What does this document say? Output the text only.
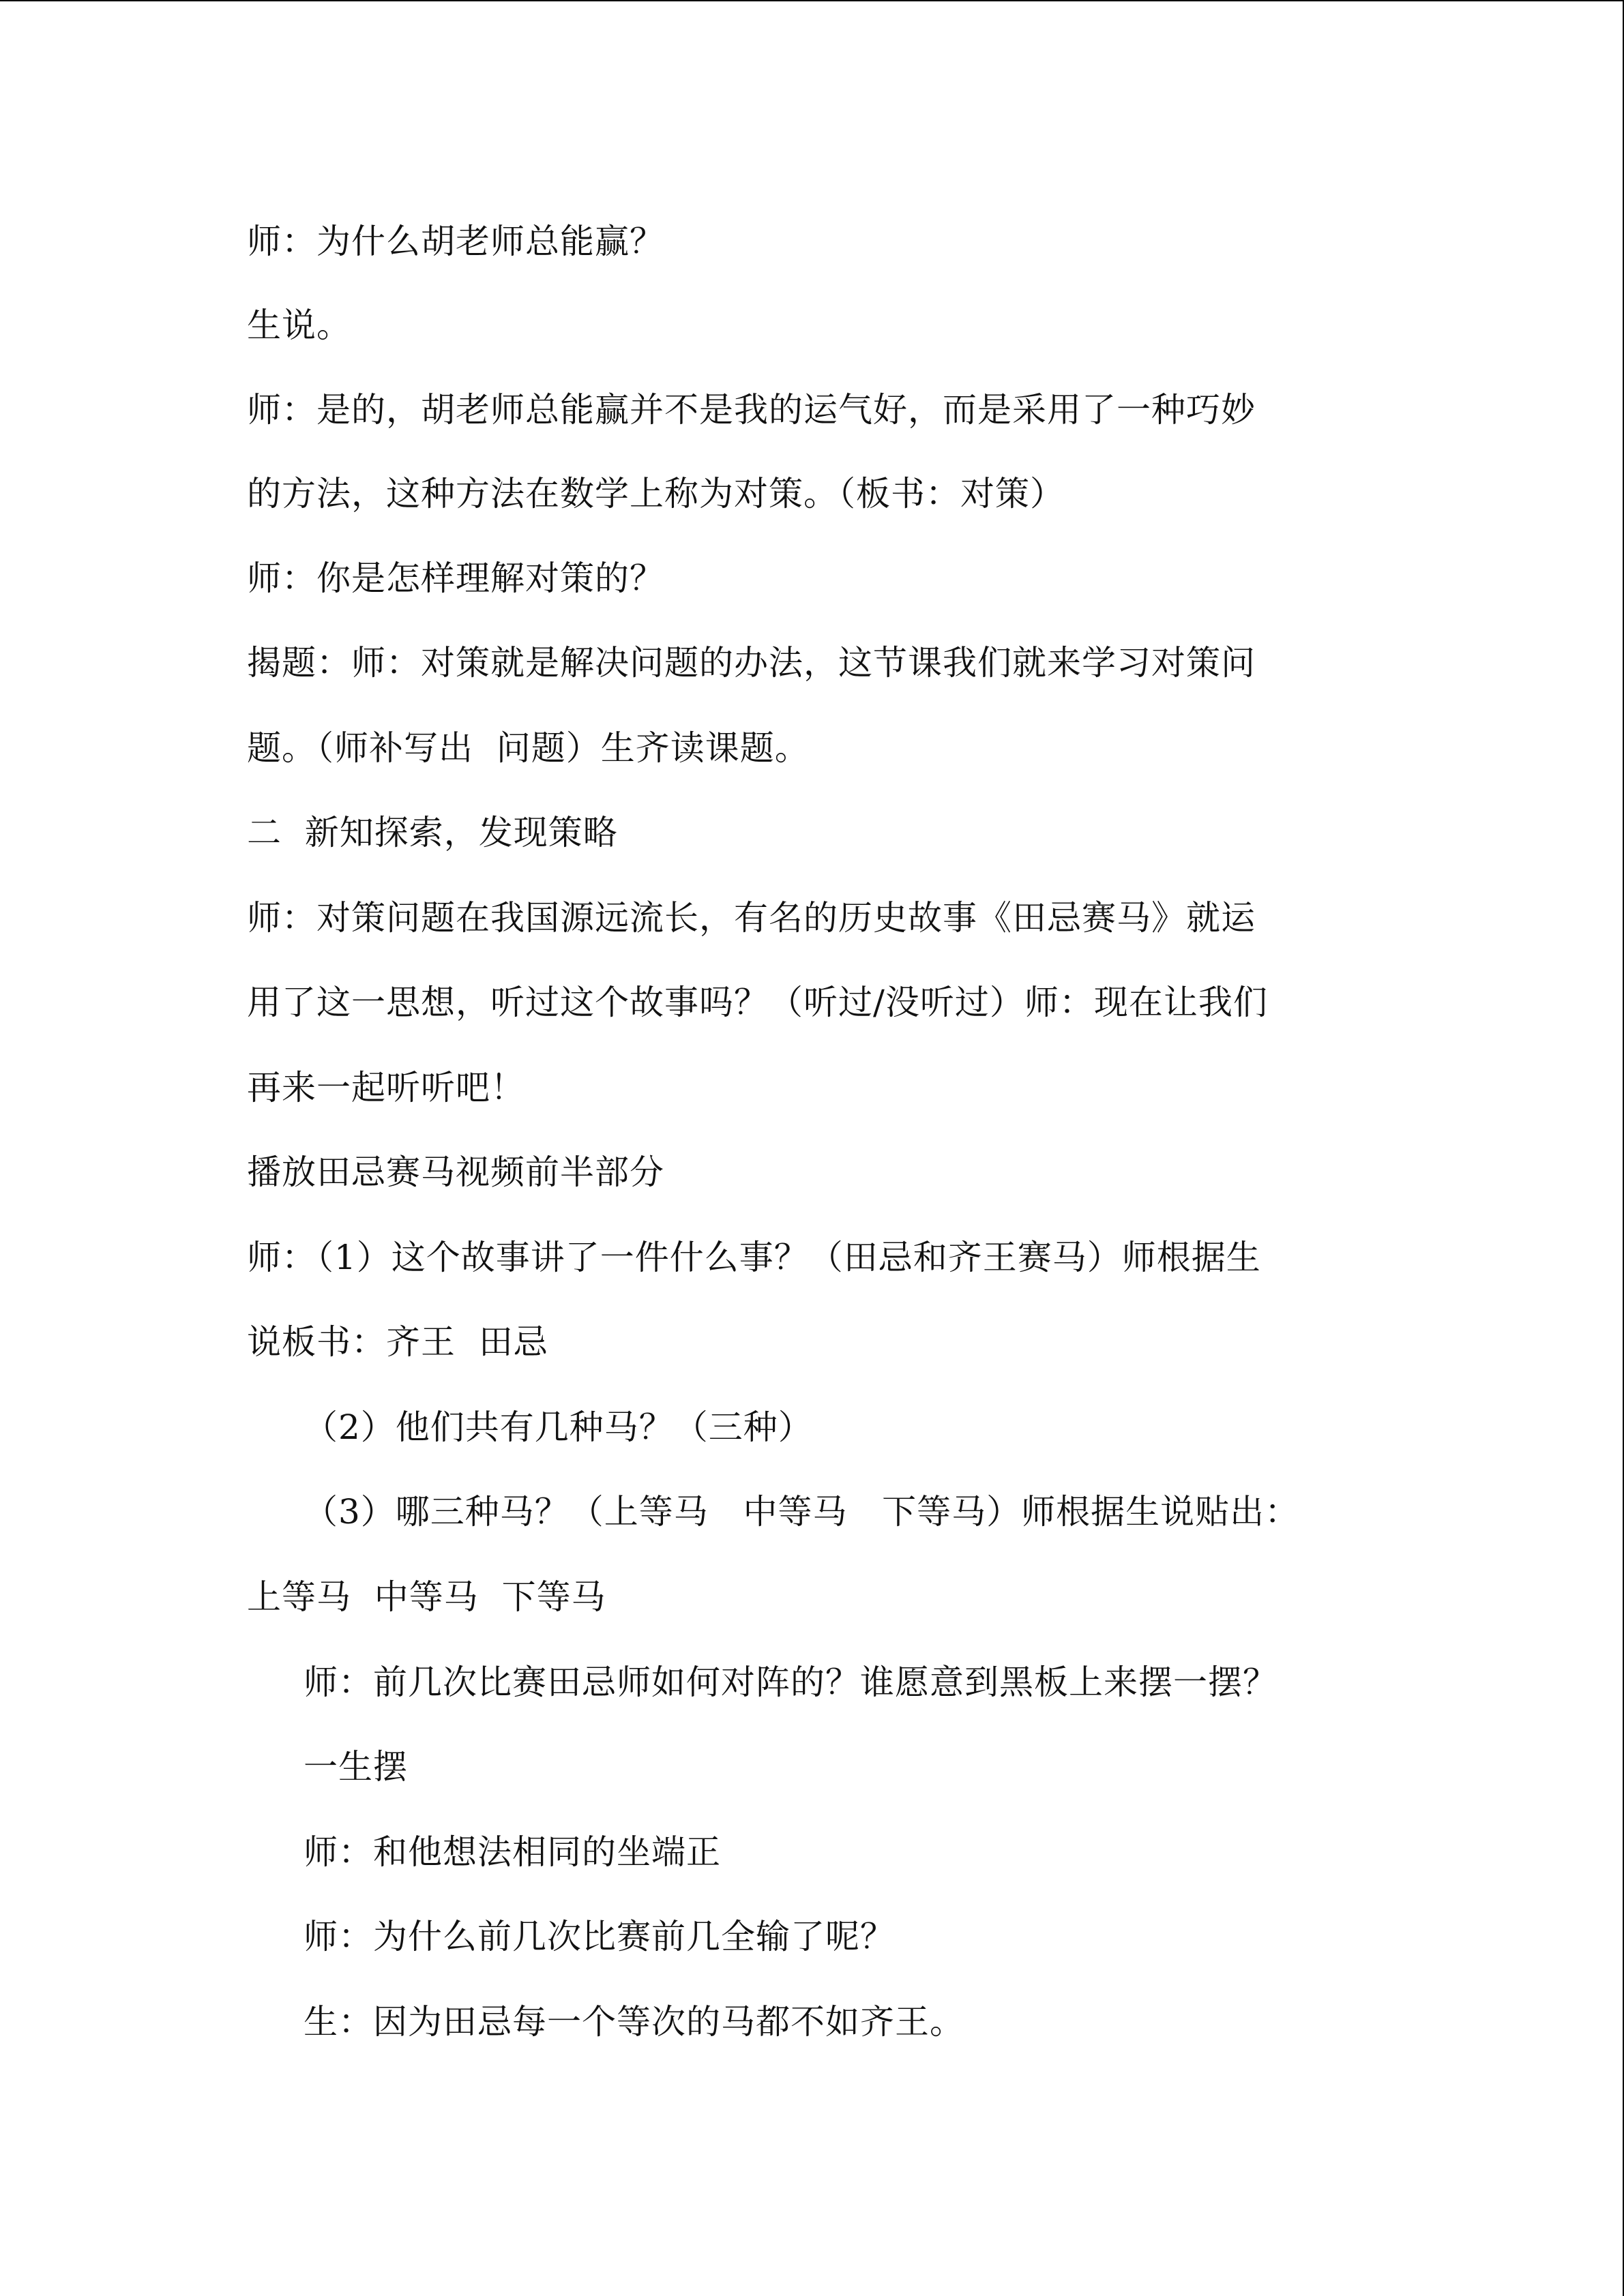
师：为什么胡老师总能赢？
生说。
师：是的，胡老师总能赢并不是我的运气好，而是采用了一种巧妙
的方法，这种方法在数学上称为对策。（板书：对策）
师：你是怎样理解对策的？
揭题：师：对策就是解决问题的办法，这节课我们就来学习对策问
题。（师补写出  问题）生齐读课题。
二  新知探索，发现策略
师：对策问题在我国源远流长，有名的历史故事《田忌赛马》就运
用了这一思想，听过这个故事吗？（听过/没听过）师：现在让我们
再来一起听听吧！
播放田忌赛马视频前半部分
师：（1）这个故事讲了一件什么事？（田忌和齐王赛马）师根据生
说板书：齐王  田忌
（2）他们共有几种马？（三种）
（3）哪三种马？（上等马   中等马   下等马）师根据生说贴出：
上等马  中等马  下等马
师：前几次比赛田忌师如何对阵的？谁愿意到黑板上来摆一摆？
一生摆
师：和他想法相同的坐端正
师：为什么前几次比赛前几全输了呢？
生：因为田忌每一个等次的马都不如齐王。
